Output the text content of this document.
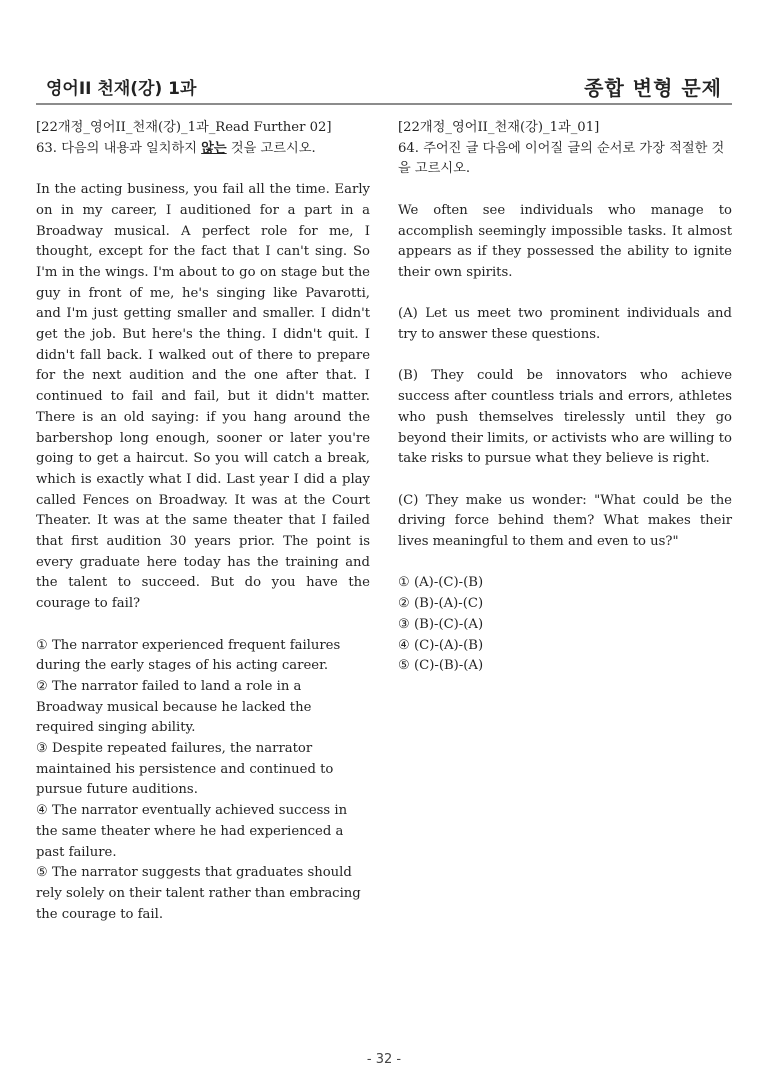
영어II 천재(강) 1과	종합 변형 문제

[22개정_영어II_천재(강)_1과_Read Further 02]

63. 다음의 내용과 일치하지 않는 것을 고르시오.

In the acting business, you fail all the time. Early on in my career, I auditioned for a part in a Broadway musical. A perfect role for me, I thought, except for the fact that I can't sing. So I'm in the wings. I'm about to go on stage but the guy in front of me, he's singing like Pavarotti, and I'm just getting smaller and smaller. I didn't get the job. But here's the thing. I didn't quit. I didn't fall back. I walked out of there to prepare for the next audition and the one after that. I continued to fail and fail, but it didn't matter. There is an old saying: if you hang around the barbershop long enough, sooner or later you're going to get a haircut. So you will catch a break, which is exactly what I did. Last year I did a play called Fences on Broadway. It was at the Court Theater. It was at the same theater that I failed that first audition 30 years prior. The point is every graduate here today has the training and the talent to succeed. But do you have the courage to fail?

① The narrator experienced frequent failures during the early stages of his acting career.

② The narrator failed to land a role in a Broadway musical because he lacked the required singing ability.

③ Despite repeated failures, the narrator maintained his persistence and continued to pursue future auditions.

④ The narrator eventually achieved success in the same theater where he had experienced a past failure.

⑤ The narrator suggests that graduates should rely solely on their talent rather than embracing the courage to fail.

[22개정_영어II_천재(강)_1과_01]

64. 주어진 글 다음에 이어질 글의 순서로 가장 적절한 것을 고르시오.

We often see individuals who manage to accomplish seemingly impossible tasks. It almost appears as if they possessed the ability to ignite their own spirits.

(A) Let us meet two prominent individuals and try to answer these questions.

(B) They could be innovators who achieve success after countless trials and errors, athletes who push themselves tirelessly until they go beyond their limits, or activists who are willing to take risks to pursue what they believe is right.

(C) They make us wonder: "What could be the driving force behind them? What makes their lives meaningful to them and even to us?"

① (A)-(C)-(B)

② (B)-(A)-(C)

③ (B)-(C)-(A)

④ (C)-(A)-(B)

⑤ (C)-(B)-(A)

- 32 -
